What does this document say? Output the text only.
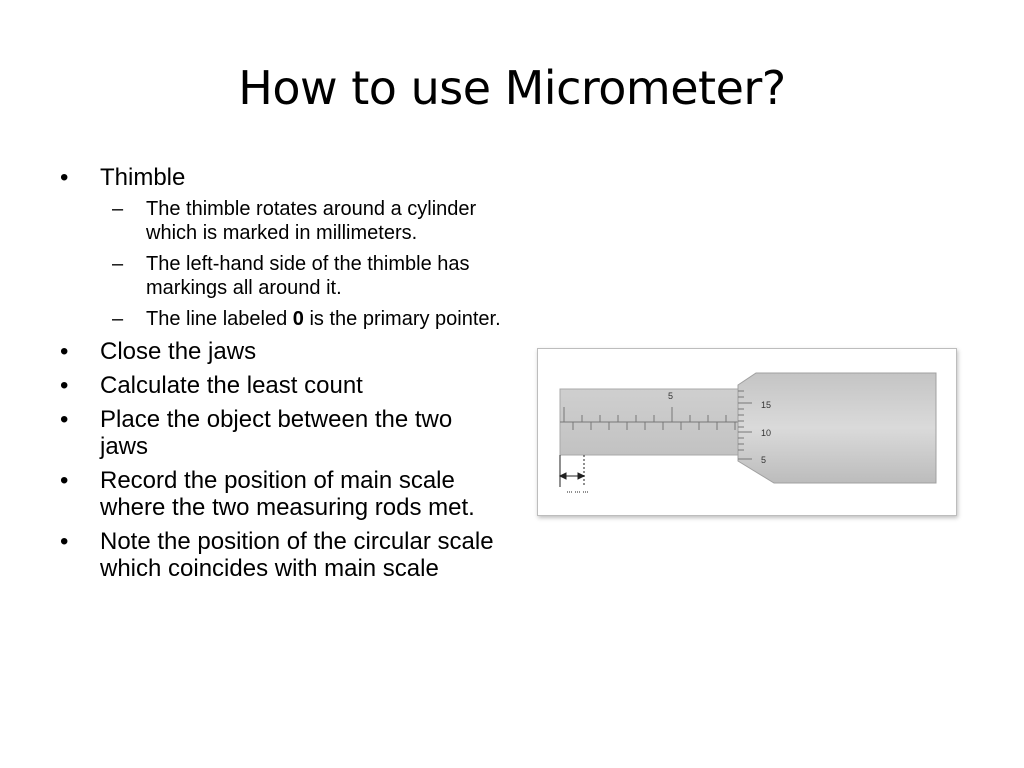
How to use Micrometer?
• Thimble
– The thimble rotates around a cylinder which is marked in millimeters.
– The left-hand side of the thimble has markings all around it.
– The line labeled 0 is the primary pointer.
• Close the jaws
• Calculate the least count
• Place the object between the two jaws
• Record the position of main scale where the two measuring rods met.
• Note the position of the circular scale which coincides with main scale
5
15
10
5
